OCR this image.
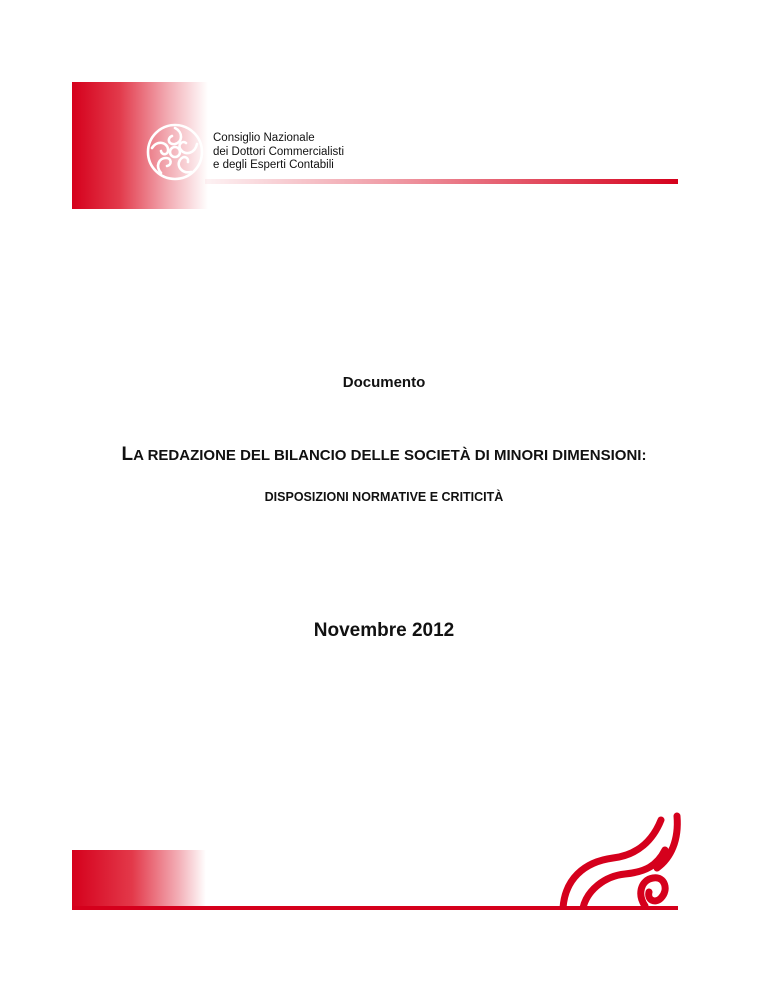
Consiglio Nazionale
dei Dottori Commercialisti
e degli Esperti Contabili
Documento
LA REDAZIONE DEL BILANCIO DELLE SOCIETÀ DI MINORI DIMENSIONI:
DISPOSIZIONI NORMATIVE E CRITICITÀ
Novembre 2012
